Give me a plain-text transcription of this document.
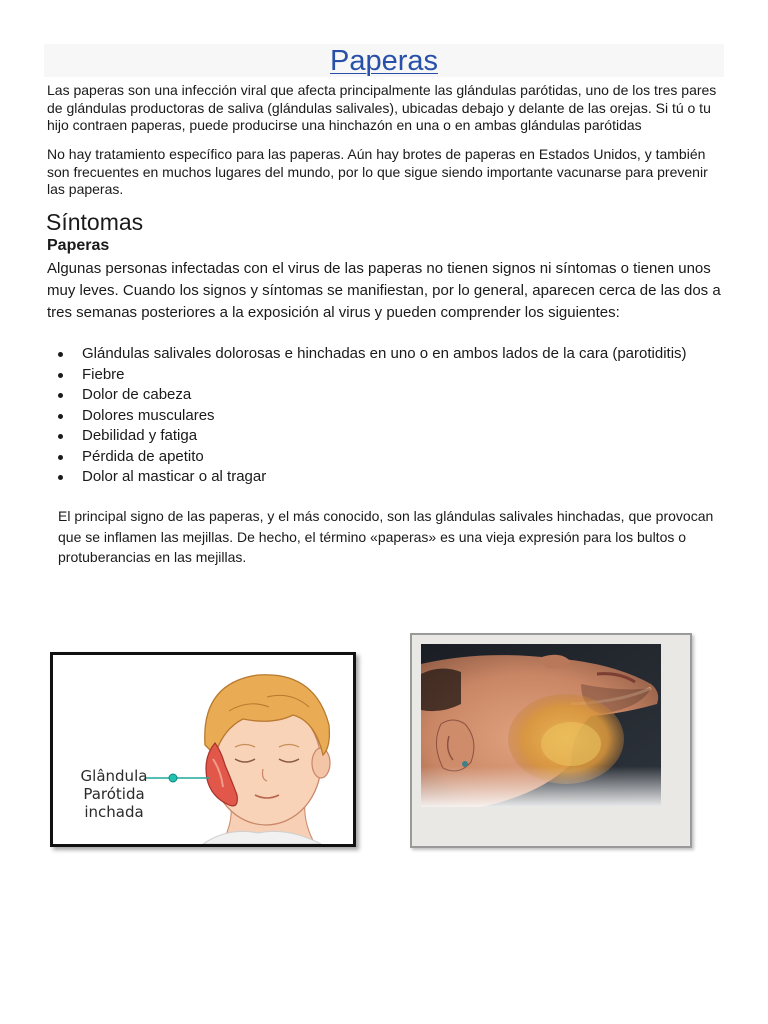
Paperas

Las paperas son una infección viral que afecta principalmente las glándulas parótidas, uno de los tres pares de glándulas productoras de saliva (glándulas salivales), ubicadas debajo y delante de las orejas. Si tú o tu hijo contraen paperas, puede producirse una hinchazón en una o en ambas glándulas parótidas

No hay tratamiento específico para las paperas. Aún hay brotes de paperas en Estados Unidos, y también son frecuentes en muchos lugares del mundo, por lo que sigue siendo importante vacunarse para prevenir las paperas.

Síntomas
Paperas

Algunas personas infectadas con el virus de las paperas no tienen signos ni síntomas o tienen unos muy leves. Cuando los signos y síntomas se manifiestan, por lo general, aparecen cerca de las dos a tres semanas posteriores a la exposición al virus y pueden comprender los siguientes:

Glándulas salivales dolorosas e hinchadas en uno o en ambos lados de la cara (parotiditis)
Fiebre
Dolor de cabeza
Dolores musculares
Debilidad y fatiga
Pérdida de apetito
Dolor al masticar o al tragar

El principal signo de las paperas, y el más conocido, son las glándulas salivales hinchadas, que provocan que se inflamen las mejillas. De hecho, el término «paperas» es una vieja expresión para los bultos o protuberancias en las mejillas.

Glândula Parótida inchada
